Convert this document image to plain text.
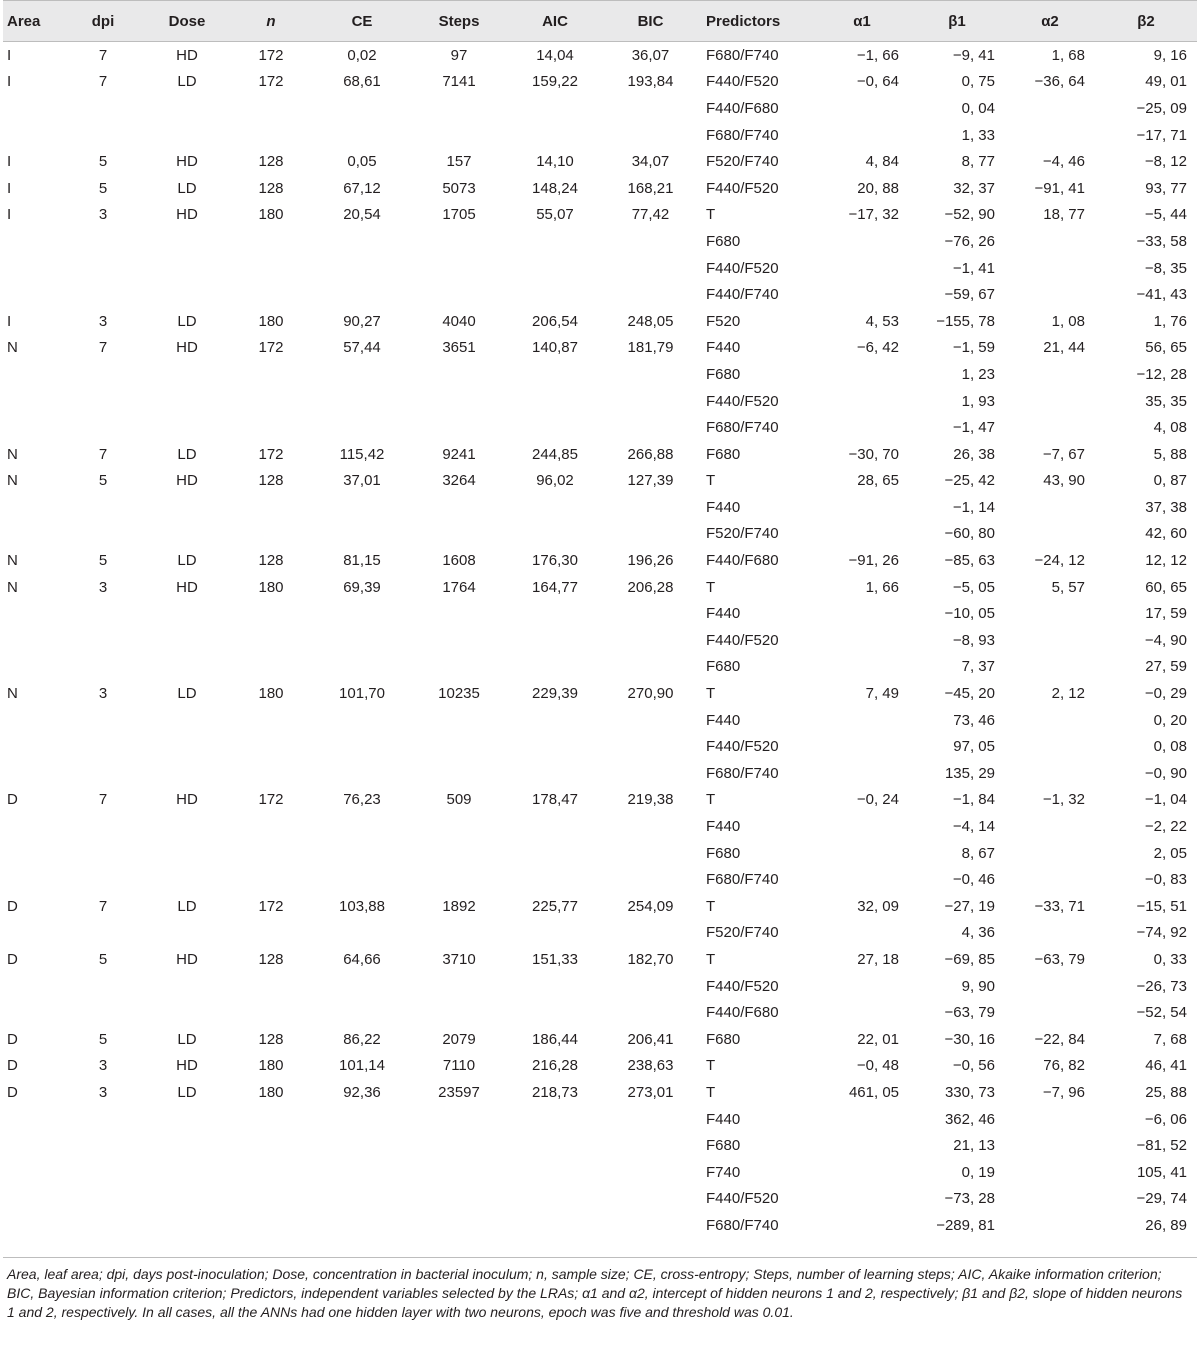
Area	dpi	Dose	n	CE	Steps	AIC	BIC	Predictors	α1	β1	α2	β2
I	7	HD	172	0,02	97	14,04	36,07	F680/F740	−1, 66	−9, 41	1, 68	9, 16
I	7	LD	172	68,61	7141	159,22	193,84	F440/F520	−0, 64	0, 75	−36, 64	49, 01
								F440/F680		0, 04		−25, 09
								F680/F740		1, 33		−17, 71
I	5	HD	128	0,05	157	14,10	34,07	F520/F740	4, 84	8, 77	−4, 46	−8, 12
I	5	LD	128	67,12	5073	148,24	168,21	F440/F520	20, 88	32, 37	−91, 41	93, 77
I	3	HD	180	20,54	1705	55,07	77,42	T	−17, 32	−52, 90	18, 77	−5, 44
								F680		−76, 26		−33, 58
								F440/F520		−1, 41		−8, 35
								F440/F740		−59, 67		−41, 43
I	3	LD	180	90,27	4040	206,54	248,05	F520	4, 53	−155, 78	1, 08	1, 76
N	7	HD	172	57,44	3651	140,87	181,79	F440	−6, 42	−1, 59	21, 44	56, 65
								F680		1, 23		−12, 28
								F440/F520		1, 93		35, 35
								F680/F740		−1, 47		4, 08
N	7	LD	172	115,42	9241	244,85	266,88	F680	−30, 70	26, 38	−7, 67	5, 88
N	5	HD	128	37,01	3264	96,02	127,39	T	28, 65	−25, 42	43, 90	0, 87
								F440		−1, 14		37, 38
								F520/F740		−60, 80		42, 60
N	5	LD	128	81,15	1608	176,30	196,26	F440/F680	−91, 26	−85, 63	−24, 12	12, 12
N	3	HD	180	69,39	1764	164,77	206,28	T	1, 66	−5, 05	5, 57	60, 65
								F440		−10, 05		17, 59
								F440/F520		−8, 93		−4, 90
								F680		7, 37		27, 59
N	3	LD	180	101,70	10235	229,39	270,90	T	7, 49	−45, 20	2, 12	−0, 29
								F440		73, 46		0, 20
								F440/F520		97, 05		0, 08
								F680/F740		135, 29		−0, 90
D	7	HD	172	76,23	509	178,47	219,38	T	−0, 24	−1, 84	−1, 32	−1, 04
								F440		−4, 14		−2, 22
								F680		8, 67		2, 05
								F680/F740		−0, 46		−0, 83
D	7	LD	172	103,88	1892	225,77	254,09	T	32, 09	−27, 19	−33, 71	−15, 51
								F520/F740		4, 36		−74, 92
D	5	HD	128	64,66	3710	151,33	182,70	T	27, 18	−69, 85	−63, 79	0, 33
								F440/F520		9, 90		−26, 73
								F440/F680		−63, 79		−52, 54
D	5	LD	128	86,22	2079	186,44	206,41	F680	22, 01	−30, 16	−22, 84	7, 68
D	3	HD	180	101,14	7110	216,28	238,63	T	−0, 48	−0, 56	76, 82	46, 41
D	3	LD	180	92,36	23597	218,73	273,01	T	461, 05	330, 73	−7, 96	25, 88
								F440		362, 46		−6, 06
								F680		21, 13		−81, 52
								F740		0, 19		105, 41
								F440/F520		−73, 28		−29, 74
								F680/F740		−289, 81		26, 89
Area, leaf area; dpi, days post-inoculation; Dose, concentration in bacterial inoculum; n, sample size; CE, cross-entropy; Steps, number of learning steps; AIC, Akaike information criterion; BIC, Bayesian information criterion; Predictors, independent variables selected by the LRAs; α1 and α2, intercept of hidden neurons 1 and 2, respectively; β1 and β2, slope of hidden neurons 1 and 2, respectively. In all cases, all the ANNs had one hidden layer with two neurons, epoch was five and threshold was 0.01.
